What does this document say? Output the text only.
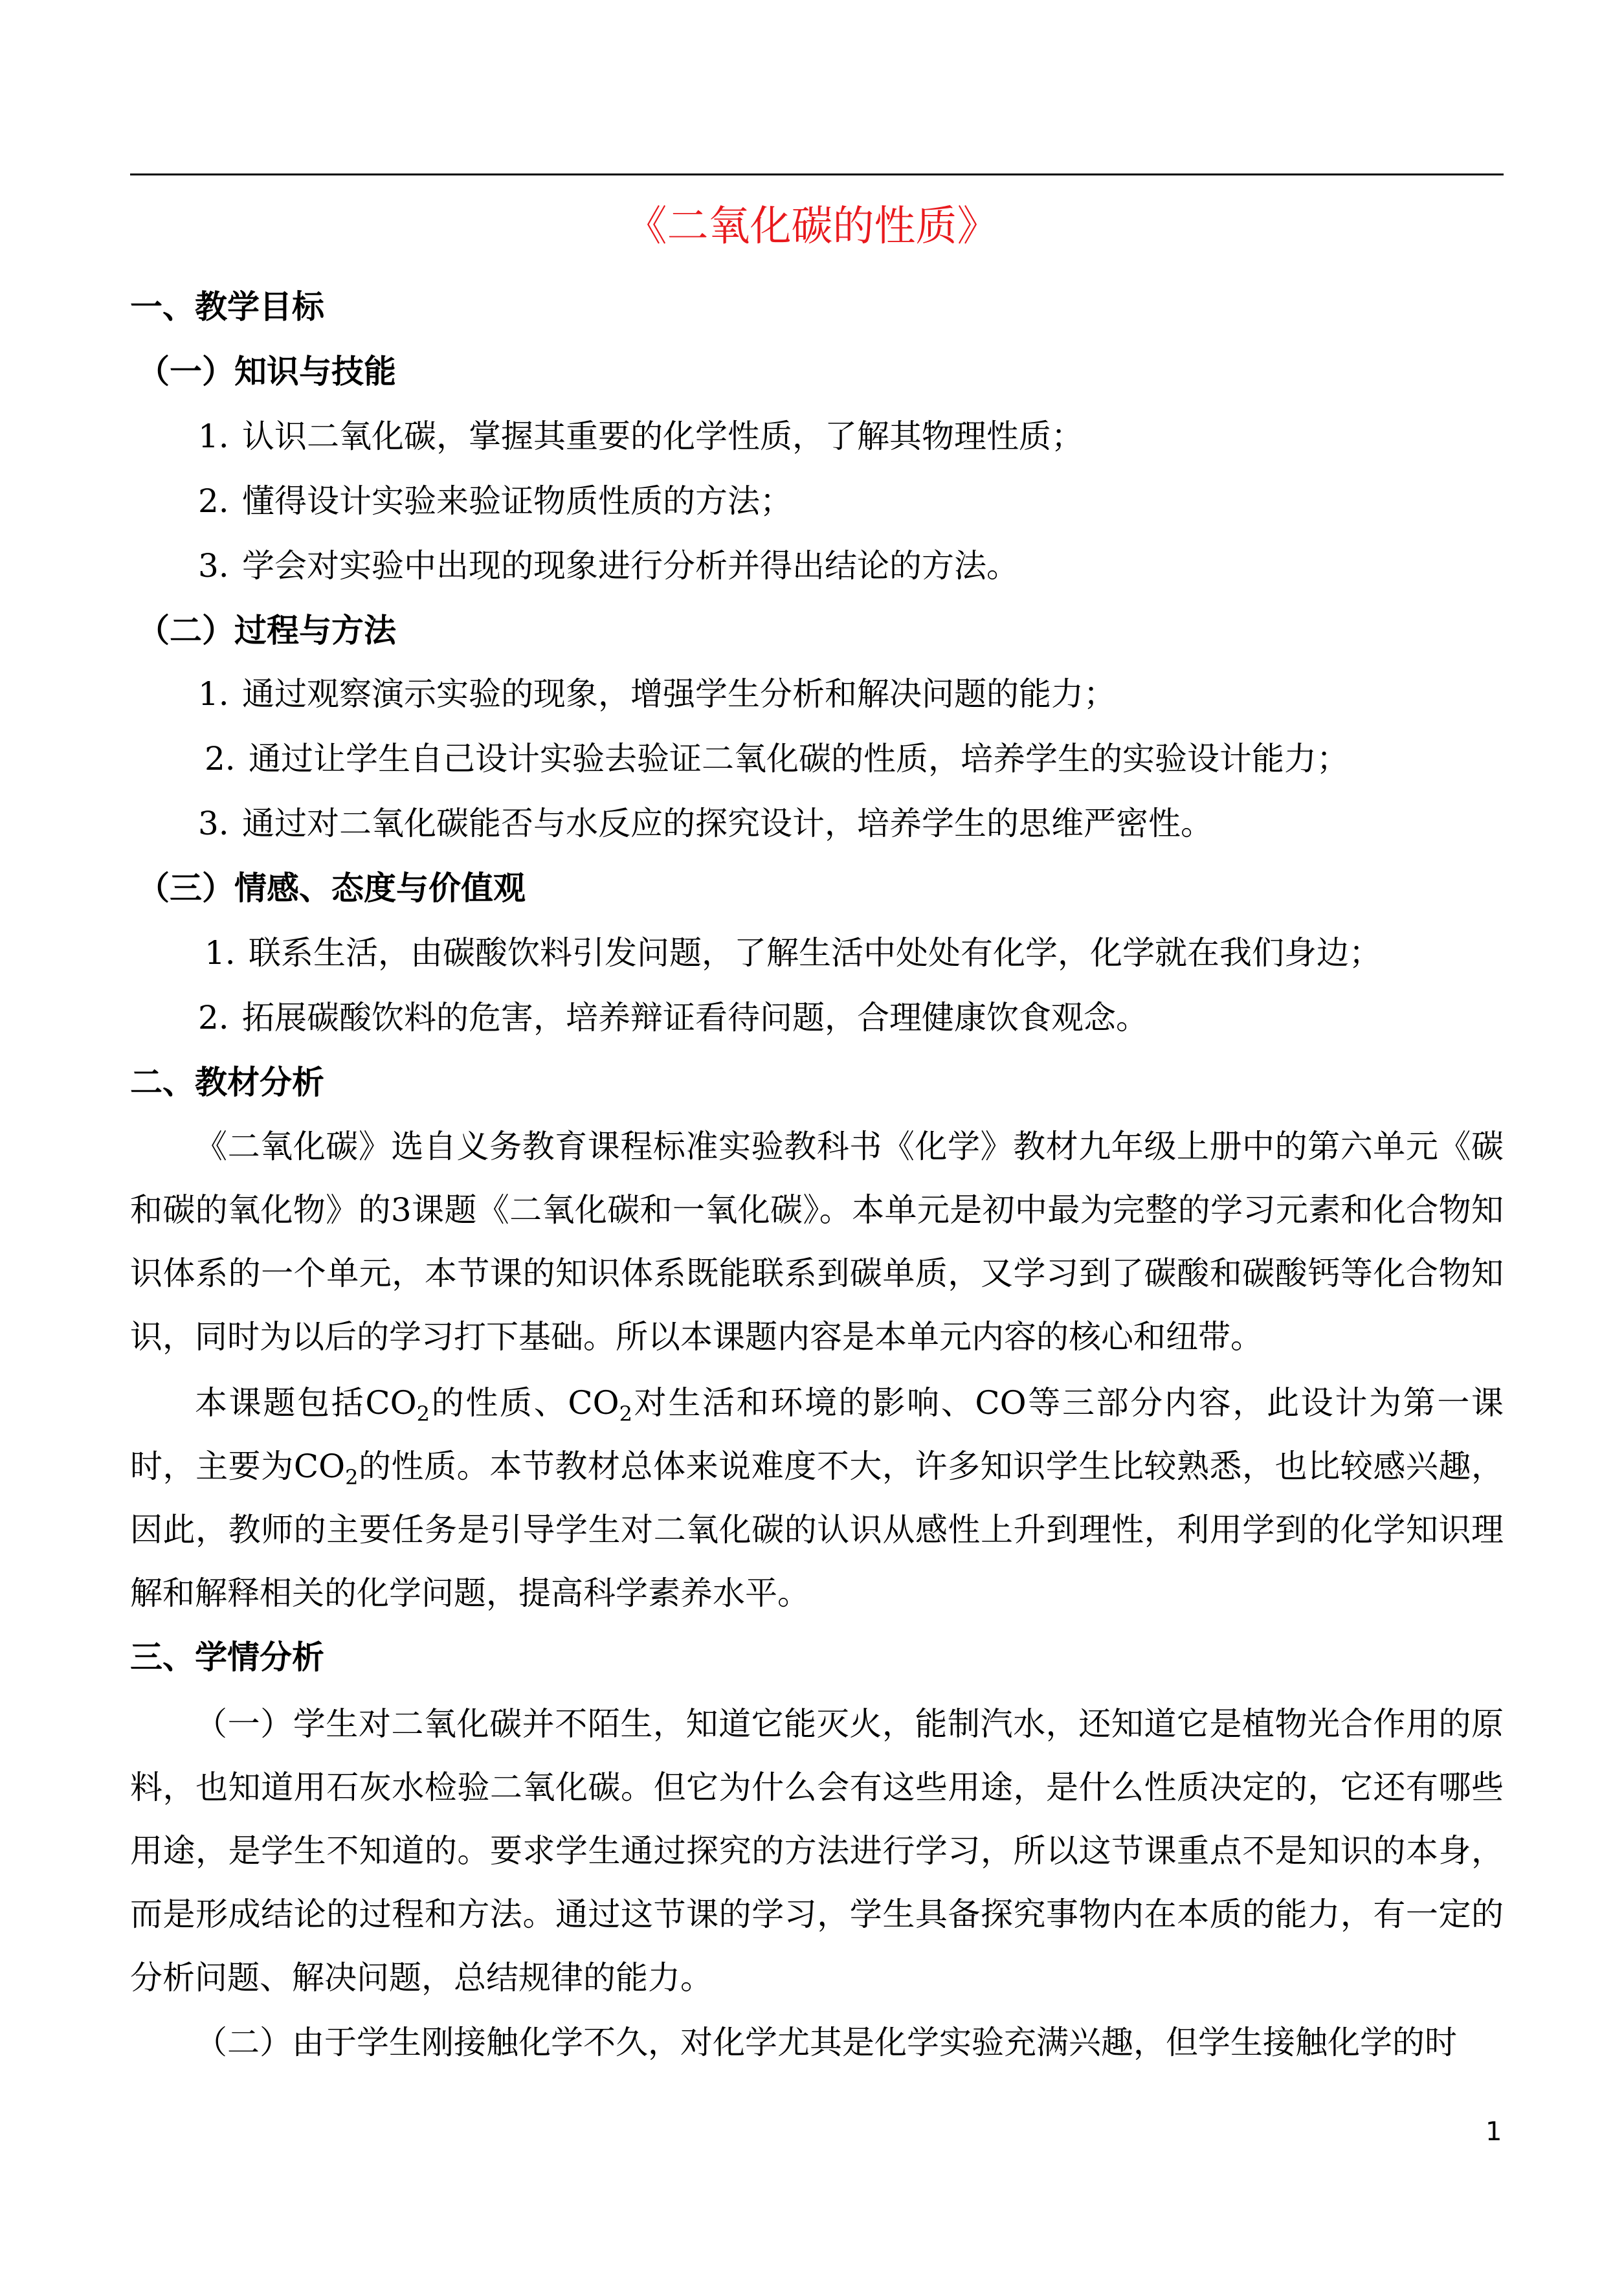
《二氧化碳的性质》
一、教学目标
（一）知识与技能
1. 认识二氧化碳，掌握其重要的化学性质，了解其物理性质；
2. 懂得设计实验来验证物质性质的方法；
3. 学会对实验中出现的现象进行分析并得出结论的方法。
（二）过程与方法
1. 通过观察演示实验的现象，增强学生分析和解决问题的能力；
2. 通过让学生自己设计实验去验证二氧化碳的性质，培养学生的实验设计能力；
3. 通过对二氧化碳能否与水反应的探究设计，培养学生的思维严密性。
（三）情感、态度与价值观
1. 联系生活，由碳酸饮料引发问题，了解生活中处处有化学，化学就在我们身边；
2. 拓展碳酸饮料的危害，培养辩证看待问题，合理健康饮食观念。
二、教材分析

《二氧化碳》选自义务教育课程标准实验教科书《化学》教材九年级上册中的第六单元《碳和碳的氧化物》的3课题《二氧化碳和一氧化碳》。本单元是初中最为完整的学习元素和化合物知识体系的一个单元，本节课的知识体系既能联系到碳单质，又学习到了碳酸和碳酸钙等化合物知识，同时为以后的学习打下基础。所以本课题内容是本单元内容的核心和纽带。

本课题包括$CO_2$的性质、$CO_2$对生活和环境的影响、CO等三部分内容，此设计为第一课时，主要为$CO_2$的性质。本节教材总体来说难度不大，许多知识学生比较熟悉，也比较感兴趣，因此，教师的主要任务是引导学生对二氧化碳的认识从感性上升到理性，利用学到的化学知识理解和解释相关的化学问题，提高科学素养水平。

三、学情分析

（一）学生对二氧化碳并不陌生，知道它能灭火，能制汽水，还知道它是植物光合作用的原料，也知道用石灰水检验二氧化碳。但它为什么会有这些用途，是什么性质决定的，它还有哪些用途，是学生不知道的。要求学生通过探究的方法进行学习，所以这节课重点不是知识的本身，而是形成结论的过程和方法。通过这节课的学习，学生具备探究事物内在本质的能力，有一定的分析问题、解决问题，总结规律的能力。

（二）由于学生刚接触化学不久，对化学尤其是化学实验充满兴趣，但学生接触化学的时

1
